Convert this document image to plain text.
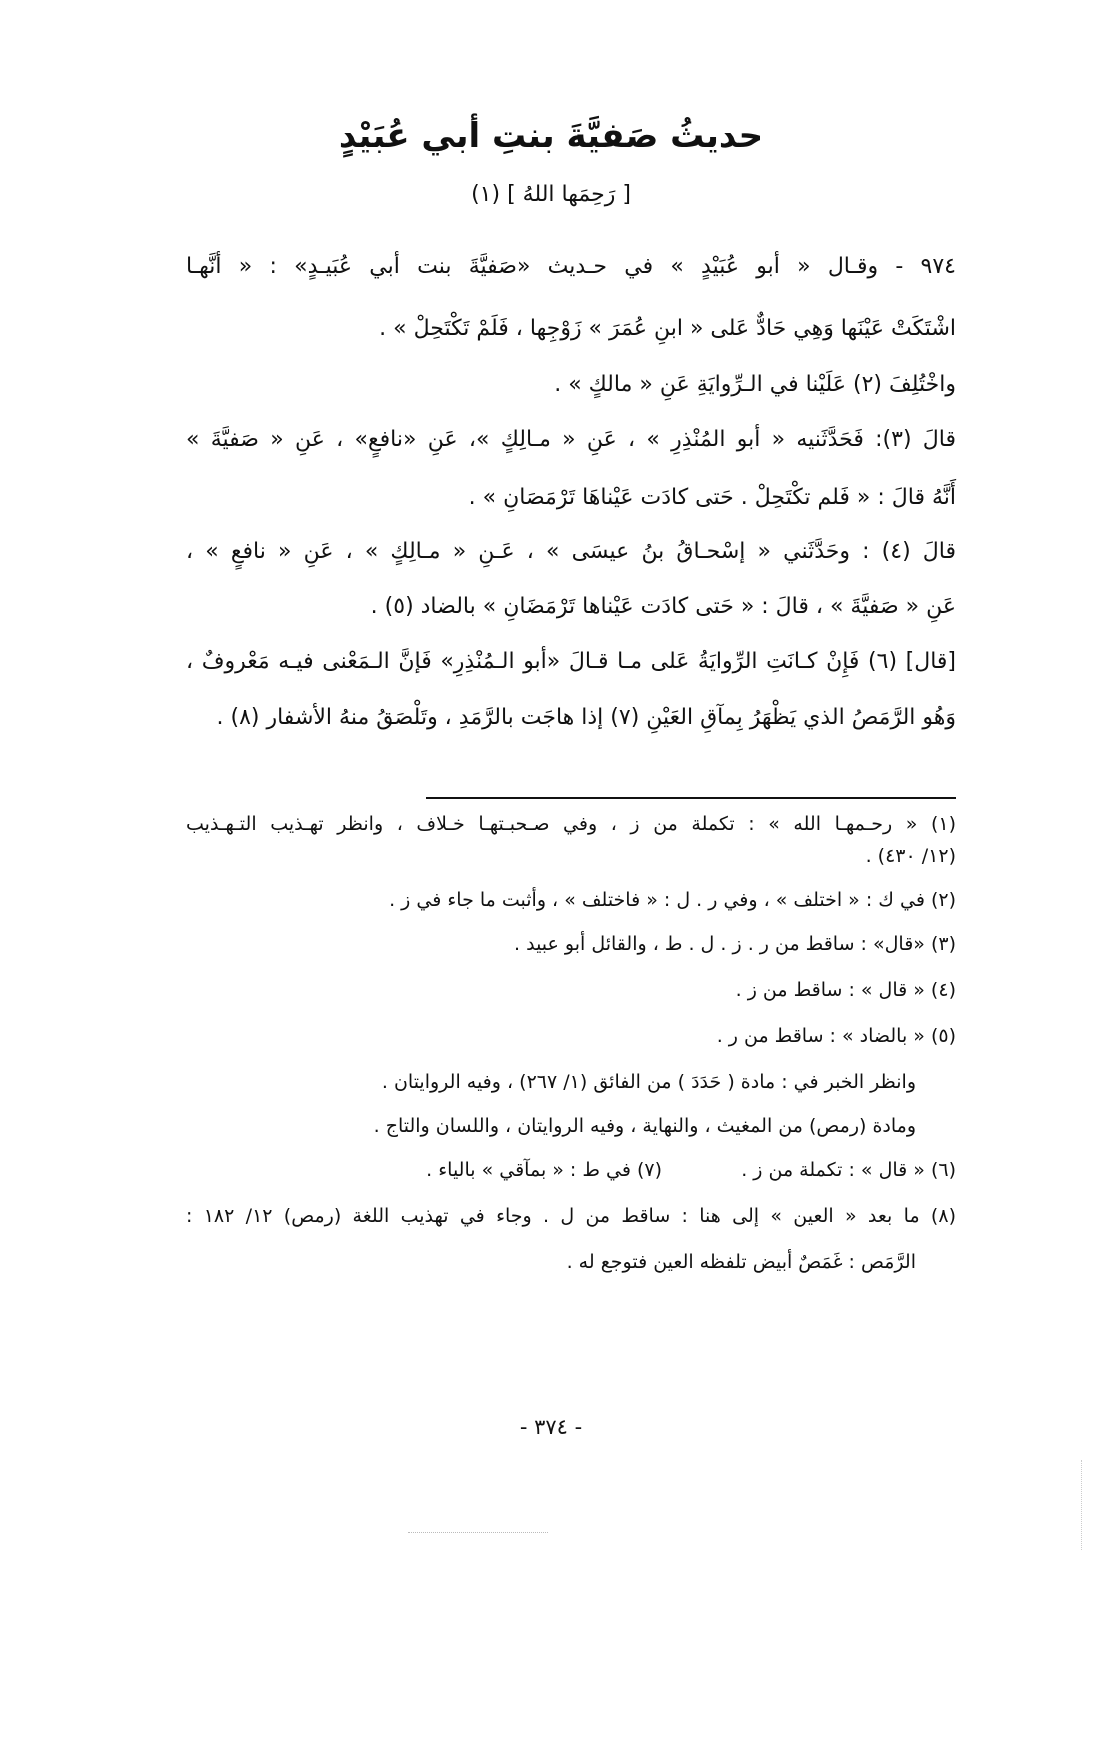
حديثُ صَفيَّةَ بنتِ أبي عُبَيْدٍ
[ رَحِمَها اللهُ ] (١)
٩٧٤ - وقـال « أبو عُبَيْدٍ » في حـديث «صَفيَّةَ بنت أبي عُبَيـدٍ» : « أنَّهـا
اشْتَكَتْ عَيْنَها وَهِي حَادٌّ عَلى « ابنِ عُمَرَ » زَوْجِها ، فَلَمْ تَكْتَحِلْ » .
واخْتُلِفَ (٢) عَلَيْنا في الـرِّوايَةِ عَنِ « مالكٍ » .
قالَ (٣): فَحَدَّثَنيه « أبو المُنْذِرِ » ، عَنِ « مـالِكٍ »، عَنِ «نافعٍ» ، عَنِ « صَفيَّةَ »
أَنَّهُ قالَ : « فَلم تكْتَحِلْ . حَتى كادَت عَيْناهَا تَرْمَصَانِ » .
قالَ (٤) : وحَدَّثَني « إسْحـاقُ بنُ عيسَى » ، عَـنِ « مـالِكٍ » ، عَنِ « نافعٍ » ،
عَنِ « صَفيَّةَ » ، قالَ : « حَتى كادَت عَيْناها تَرْمَضَانِ » بالضاد (٥) .
[قال] (٦) فَإِنْ كـانَتِ الرِّوايَةُ عَلى مـا قـالَ «أبو الـمُنْذِرِ» فَإنَّ الـمَعْنى فيـه مَعْروفٌ ،
وَهُو الرَّمَصُ الذي يَظْهَرُ بِمآقِ العَيْنِ (٧) إذا هاجَت بالرَّمَدِ ، وتَلْصَقُ منهُ الأشفار (٨) .
(١) « رحـمهـا الله » : تكملة من ز ، وفي صـحبـتهـا خـلاف ، وانظر تهـذيب التـهـذيب
(١٢/ ٤٣٠) .
(٢) في ك : « اختلف » ، وفي ر . ل : « فاختلف » ، وأثبت ما جاء في ز .
(٣) «قال» : ساقط من ر . ز . ل . ط ، والقائل أبو عبيد .
(٤) « قال » : ساقط من ز .
(٥) « بالضاد » : ساقط من ر .
وانظر الخبر في : مادة ( حَدَدَ ) من الفائق (١/ ٢٦٧) ، وفيه الروايتان .
ومادة (رمص) من المغيث ، والنهاية ، وفيه الروايتان ، واللسان والتاج .
(٦) « قال » : تكملة من ز .
(٧) في ط : « بمآقي » بالياء .
(٨) ما بعد « العين » إلى هنا : ساقط من ل . وجاء في تهذيب اللغة (رمص) ١٢/ ١٨٢ :
الرَّمَص : غَمَصٌ أبيض تلفظه العين فتوجع له .
- ٣٧٤ -
